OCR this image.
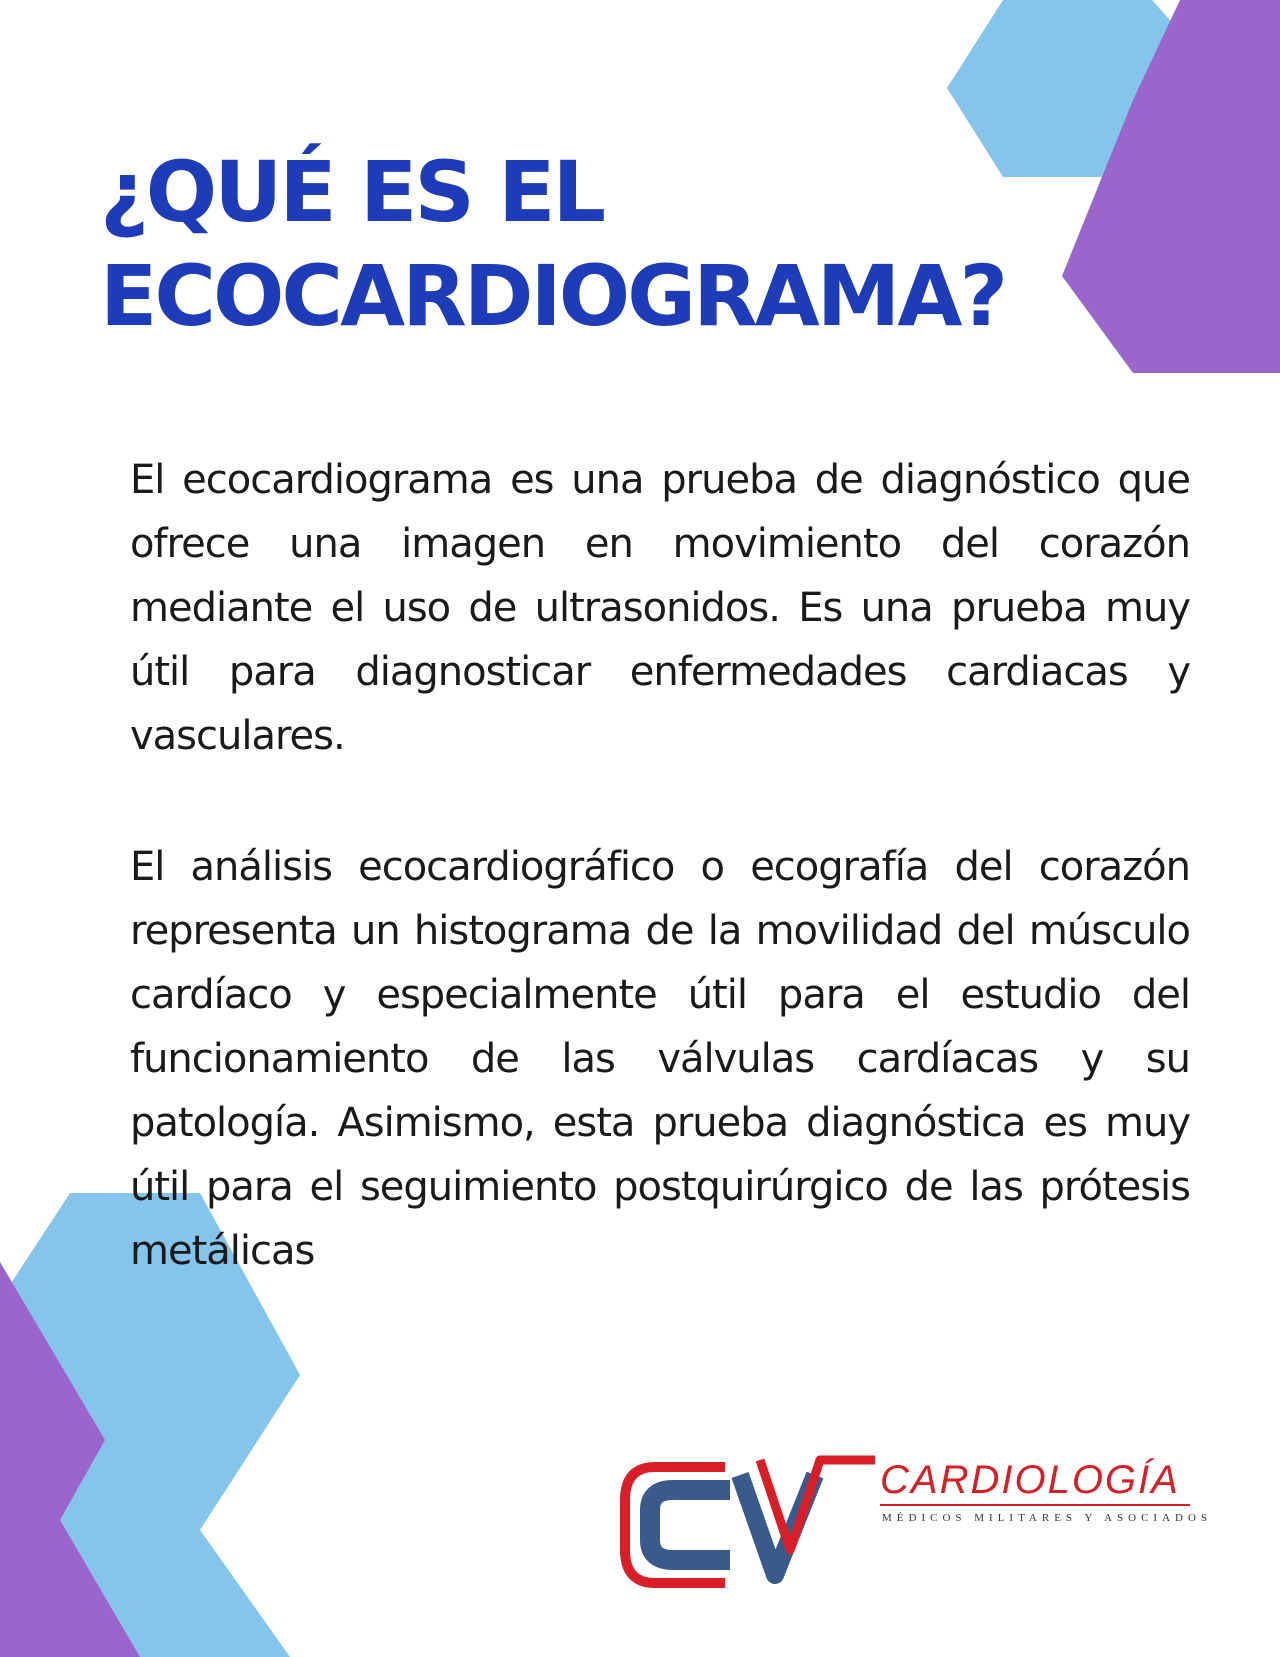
¿QUÉ ES EL
ECOCARDIOGRAMA?

El ecocardiograma es una prueba de diagnóstico que ofrece una imagen en movimiento del corazón mediante el uso de ultrasonidos. Es una prueba muy útil para diagnosticar enfermedades cardiacas y vasculares.

El análisis ecocardiográfico o ecografía del corazón representa un histograma de la movilidad del músculo cardíaco y especialmente útil para el estudio del funcionamiento de las válvulas cardíacas y su patología. Asimismo, esta prueba diagnóstica es muy útil para el seguimiento postquirúrgico de las prótesis metálicas

CARDIOLOGÍA
MÉDICOS MILITARES Y ASOCIADOS
